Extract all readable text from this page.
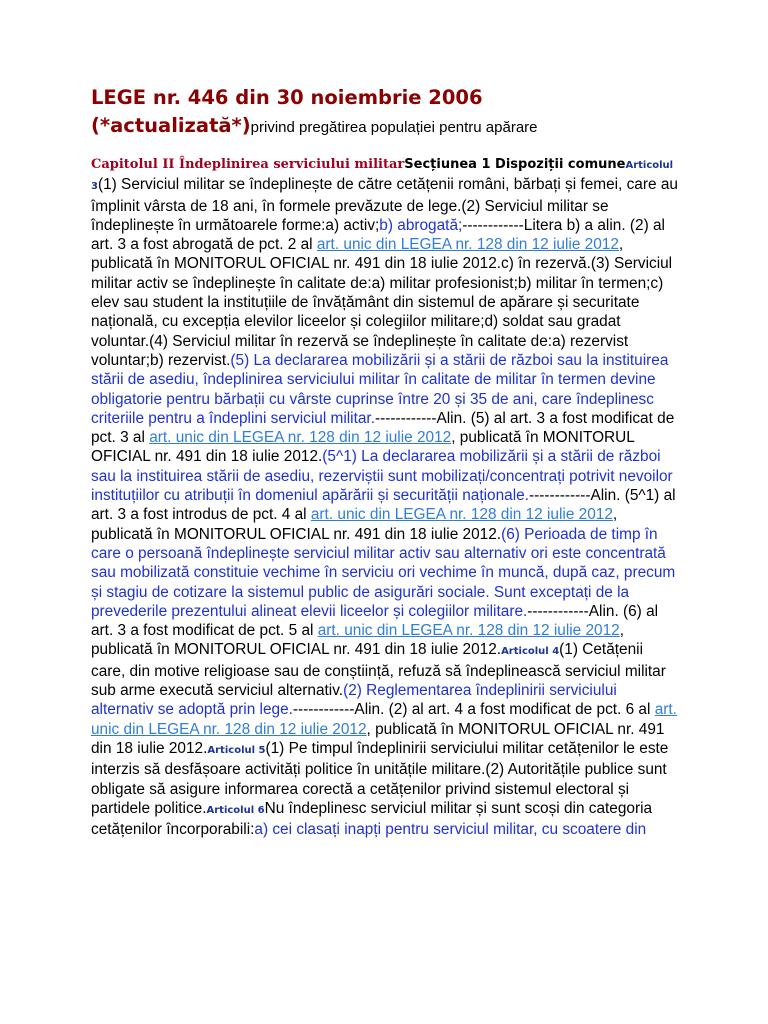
LEGE nr. 446 din 30 noiembrie 2006 (*actualizată*)privind pregătirea populației pentru apărare
Capitolul II Îndeplinirea serviciului militarSecțiunea 1 Dispoziții comuneArticolul 3(1) Serviciul militar se îndeplinește de către cetățenii români, bărbați și femei, care au împlinit vârsta de 18 ani, în formele prevăzute de lege.(2) Serviciul militar se îndeplinește în următoarele forme:a) activ;b) abrogată;------------Litera b) a alin. (2) al art. 3 a fost abrogată de pct. 2 al art. unic din LEGEA nr. 128 din 12 iulie 2012, publicată în MONITORUL OFICIAL nr. 491 din 18 iulie 2012.c) în rezervă.(3) Serviciul militar activ se îndeplinește în calitate de:a) militar profesionist;b) militar în termen;c) elev sau student la instituțiile de învățământ din sistemul de apărare și securitate națională, cu excepția elevilor liceelor și colegiilor militare;d) soldat sau gradat voluntar.(4) Serviciul militar în rezervă se îndeplinește în calitate de:a) rezervist voluntar;b) rezervist.(5) La declararea mobilizării și a stării de război sau la instituirea stării de asediu, îndeplinirea serviciului militar în calitate de militar în termen devine obligatorie pentru bărbații cu vârste cuprinse între 20 și 35 de ani, care îndeplinesc criteriile pentru a îndeplini serviciul militar.------------Alin. (5) al art. 3 a fost modificat de pct. 3 al art. unic din LEGEA nr. 128 din 12 iulie 2012, publicată în MONITORUL OFICIAL nr. 491 din 18 iulie 2012.(5^1) La declararea mobilizării și a stării de război sau la instituirea stării de asediu, rezerviștii sunt mobilizați/concentrați potrivit nevoilor instituțiilor cu atribuții în domeniul apărării și securității naționale.------------Alin. (5^1) al art. 3 a fost introdus de pct. 4 al art. unic din LEGEA nr. 128 din 12 iulie 2012, publicată în MONITORUL OFICIAL nr. 491 din 18 iulie 2012.(6) Perioada de timp în care o persoană îndeplinește serviciul militar activ sau alternativ ori este concentrată sau mobilizată constituie vechime în serviciu ori vechime în muncă, după caz, precum și stagiu de cotizare la sistemul public de asigurări sociale. Sunt exceptați de la prevederile prezentului alineat elevii liceelor și colegiilor militare.------------Alin. (6) al art. 3 a fost modificat de pct. 5 al art. unic din LEGEA nr. 128 din 12 iulie 2012, publicată în MONITORUL OFICIAL nr. 491 din 18 iulie 2012.Articolul 4(1) Cetățenii care, din motive religioase sau de conștiință, refuză să îndeplinească serviciul militar sub arme execută serviciul alternativ.(2) Reglementarea îndeplinirii serviciului alternativ se adoptă prin lege.------------Alin. (2) al art. 4 a fost modificat de pct. 6 al art. unic din LEGEA nr. 128 din 12 iulie 2012, publicată în MONITORUL OFICIAL nr. 491 din 18 iulie 2012.Articolul 5(1) Pe timpul îndeplinirii serviciului militar cetățenilor le este interzis să desfășoare activități politice în unitățile militare.(2) Autoritățile publice sunt obligate să asigure informarea corectă a cetățenilor privind sistemul electoral și partidele politice.Articolul 6Nu îndeplinesc serviciul militar și sunt scoși din categoria cetățenilor încorporabili:a) cei clasați inapți pentru serviciul militar, cu scoatere din
